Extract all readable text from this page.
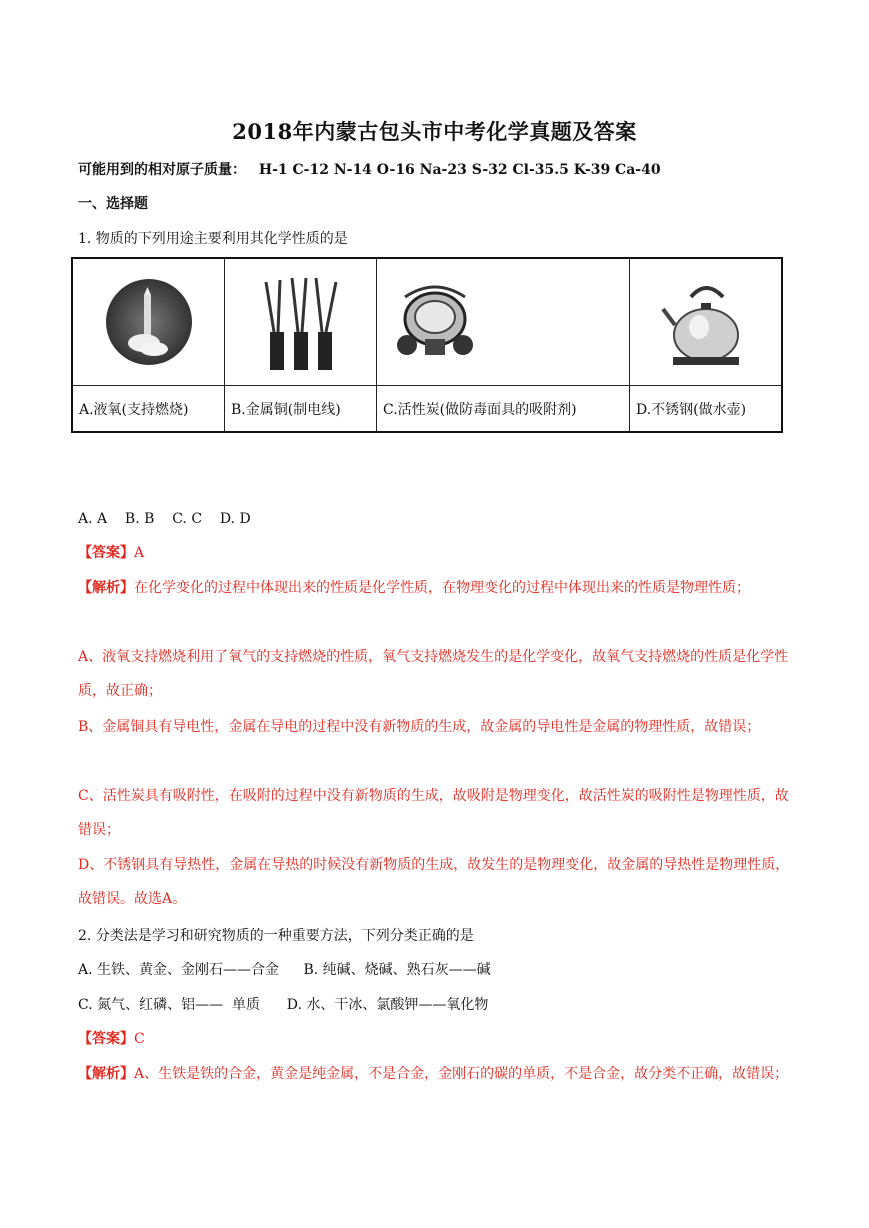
2018年内蒙古包头市中考化学真题及答案
可能用到的相对原子质量： H-1 C-12 N-14 O-16 Na-23 S-32 Cl-35.5 K-39 Ca-40
一、选择题
1. 物质的下列用途主要利用其化学性质的是

A.液氧(支持燃烧)	B.金属铜(制电线)	C.活性炭(做防毒面具的吸附剂)	D.不锈钢(做水壶)
A. A    B. B    C. C    D. D
【答案】A
【解析】在化学变化的过程中体现出来的性质是化学性质，在物理变化的过程中体现出来的性质是物理性质；
A、液氧支持燃烧利用了氧气的支持燃烧的性质，氧气支持燃烧发生的是化学变化，故氧气支持燃烧的性质是化学性质，故正确；
B、金属铜具有导电性，金属在导电的过程中没有新物质的生成，故金属的导电性是金属的物理性质，故错误；
C、活性炭具有吸附性，在吸附的过程中没有新物质的生成，故吸附是物理变化，故活性炭的吸附性是物理性质，故错误；
D、不锈钢具有导热性，金属在导热的时候没有新物质的生成，故发生的是物理变化，故金属的导热性是物理性质，故错误。故选A。
2. 分类法是学习和研究物质的一种重要方法，下列分类正确的是
A. 生铁、黄金、金刚石——合金 B. 纯碱、烧碱、熟石灰——碱
C. 氮气、红磷、铝——  单质 D. 水、干冰、氯酸钾——氧化物
【答案】C
【解析】A、生铁是铁的合金，黄金是纯金属，不是合金，金刚石的碳的单质，不是合金，故分类不正确，故错误；
